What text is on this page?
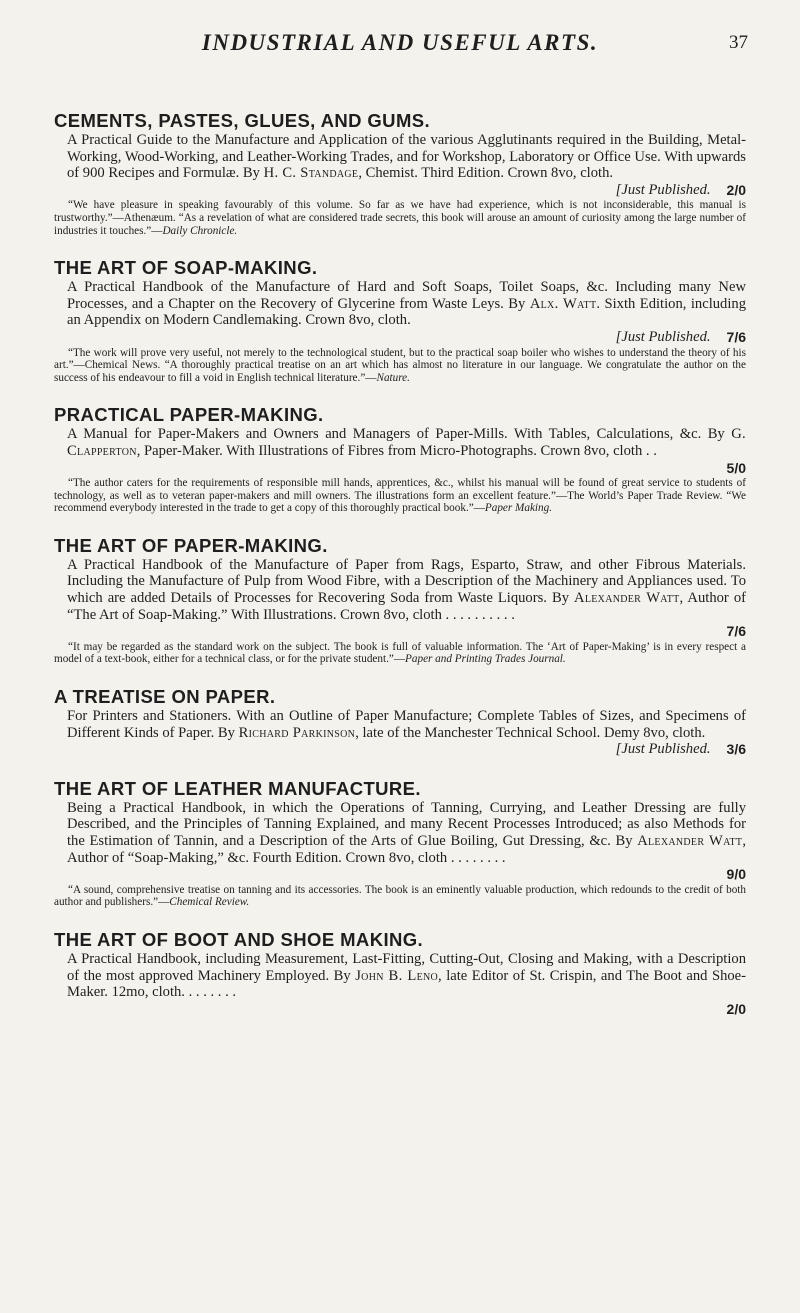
INDUSTRIAL AND USEFUL ARTS.	37
CEMENTS, PASTES, GLUES, AND GUMS.

A Practical Guide to the Manufacture and Application of the various Agglutinants required in the Building, Metal-Working, Wood-Working, and Leather-Working Trades, and for Workshop, Laboratory or Office Use. With upwards of 900 Recipes and Formulæ. By H. C. Standage, Chemist. Third Edition. Crown 8vo, cloth.

[Just Published. 2/0

“We have pleasure in speaking favourably of this volume. So far as we have had experience, which is not inconsiderable, this manual is trustworthy.”—Athenæum. “As a revelation of what are considered trade secrets, this book will arouse an amount of curiosity among the large number of industries it touches.”—Daily Chronicle.

THE ART OF SOAP-MAKING.

A Practical Handbook of the Manufacture of Hard and Soft Soaps, Toilet Soaps, &c. Including many New Processes, and a Chapter on the Recovery of Glycerine from Waste Leys. By Alx. Watt. Sixth Edition, including an Appendix on Modern Candlemaking. Crown 8vo, cloth.

[Just Published. 7/6

“The work will prove very useful, not merely to the technological student, but to the practical soap boiler who wishes to understand the theory of his art.”—Chemical News. “A thoroughly practical treatise on an art which has almost no literature in our language. We congratulate the author on the success of his endeavour to fill a void in English technical literature.”—Nature.

PRACTICAL PAPER-MAKING.

A Manual for Paper-Makers and Owners and Managers of Paper-Mills. With Tables, Calculations, &c. By G. Clapperton, Paper-Maker. With Illustrations of Fibres from Micro-Photographs. Crown 8vo, cloth . .

5/0

“The author caters for the requirements of responsible mill hands, apprentices, &c., whilst his manual will be found of great service to students of technology, as well as to veteran paper-makers and mill owners. The illustrations form an excellent feature.”—The World’s Paper Trade Review. “We recommend everybody interested in the trade to get a copy of this thoroughly practical book.”—Paper Making.

THE ART OF PAPER-MAKING.

A Practical Handbook of the Manufacture of Paper from Rags, Esparto, Straw, and other Fibrous Materials. Including the Manufacture of Pulp from Wood Fibre, with a Description of the Machinery and Appliances used. To which are added Details of Processes for Recovering Soda from Waste Liquors. By Alexander Watt, Author of “The Art of Soap-Making.” With Illustrations. Crown 8vo, cloth . . . . . . . . . .

7/6

“It may be regarded as the standard work on the subject. The book is full of valuable information. The ‘Art of Paper-Making’ is in every respect a model of a text-book, either for a technical class, or for the private student.”—Paper and Printing Trades Journal.

A TREATISE ON PAPER.

For Printers and Stationers. With an Outline of Paper Manufacture; Complete Tables of Sizes, and Specimens of Different Kinds of Paper. By Richard Parkinson, late of the Manchester Technical School. Demy 8vo, cloth.

[Just Published. 3/6
THE ART OF LEATHER MANUFACTURE.

Being a Practical Handbook, in which the Operations of Tanning, Currying, and Leather Dressing are fully Described, and the Principles of Tanning Explained, and many Recent Processes Introduced; as also Methods for the Estimation of Tannin, and a Description of the Arts of Glue Boiling, Gut Dressing, &c. By Alexander Watt, Author of “Soap-Making,” &c. Fourth Edition. Crown 8vo, cloth . . . . . . . .

9/0

“A sound, comprehensive treatise on tanning and its accessories. The book is an eminently valuable production, which redounds to the credit of both author and publishers.”—Chemical Review.

THE ART OF BOOT AND SHOE MAKING.

A Practical Handbook, including Measurement, Last-Fitting, Cutting-Out, Closing and Making, with a Description of the most approved Machinery Employed. By John B. Leno, late Editor of St. Crispin, and The Boot and Shoe-Maker. 12mo, cloth. . . . . . . .

2/0
